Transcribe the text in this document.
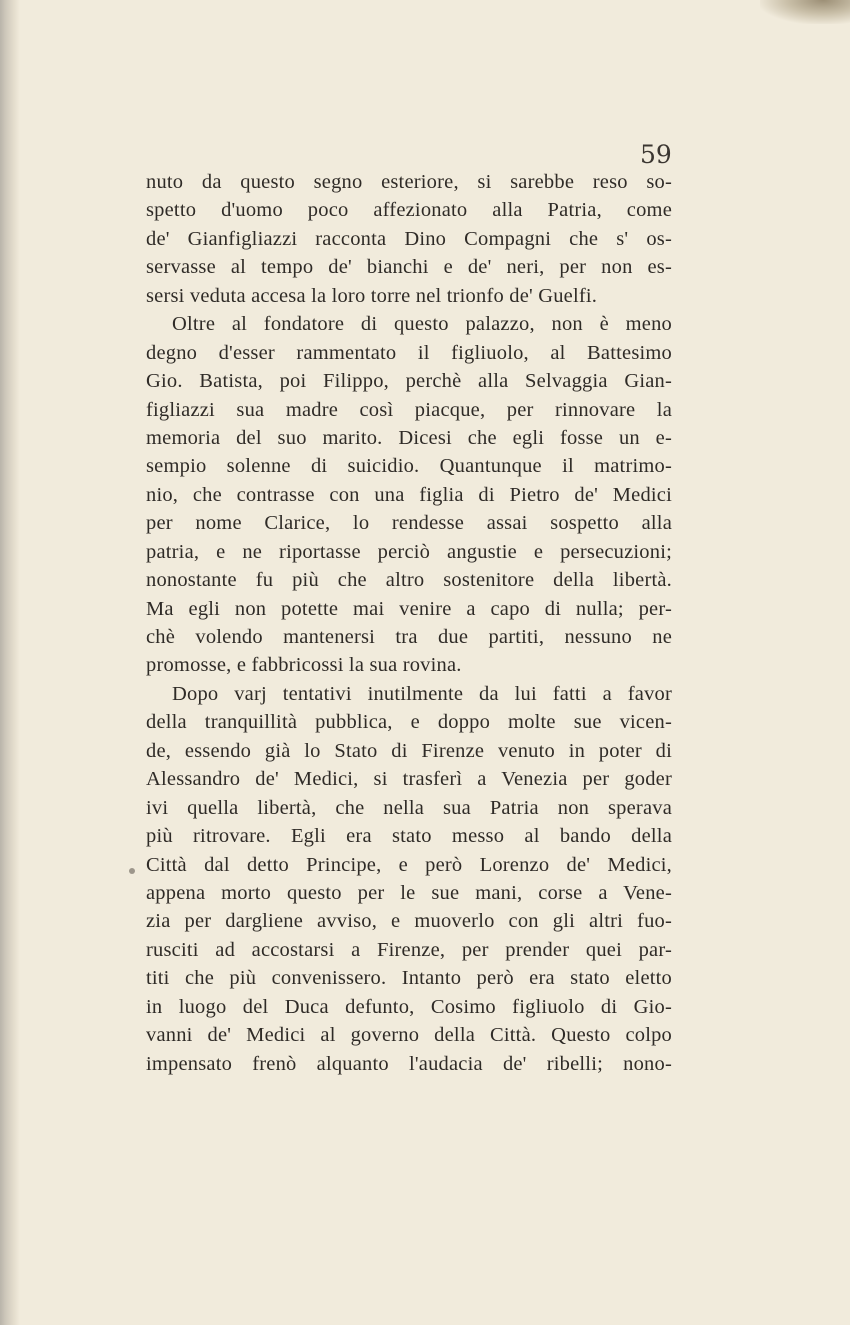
59
nuto da questo segno esteriore, si sarebbe reso so-
spetto d'uomo poco affezionato alla Patria, come
de' Gianfigliazzi racconta Dino Compagni che s' os-
servasse al tempo de' bianchi e de' neri, per non es-
sersi veduta accesa la loro torre nel trionfo de' Guelfi.
Oltre al fondatore di questo palazzo, non è meno
degno d'esser rammentato il figliuolo, al Battesimo
Gio. Batista, poi Filippo, perchè alla Selvaggia Gian-
figliazzi sua madre così piacque, per rinnovare la
memoria del suo marito. Dicesi che egli fosse un e-
sempio solenne di suicidio. Quantunque il matrimo-
nio, che contrasse con una figlia di Pietro de' Medici
per nome Clarice, lo rendesse assai sospetto alla
patria, e ne riportasse perciò angustie e persecuzioni;
nonostante fu più che altro sostenitore della libertà.
Ma egli non potette mai venire a capo di nulla; per-
chè volendo mantenersi tra due partiti, nessuno ne
promosse, e fabbricossi la sua rovina.
Dopo varj tentativi inutilmente da lui fatti a favor
della tranquillità pubblica, e doppo molte sue vicen-
de, essendo già lo Stato di Firenze venuto in poter di
Alessandro de' Medici, si trasferì a Venezia per goder
ivi quella libertà, che nella sua Patria non sperava
più ritrovare. Egli era stato messo al bando della
Città dal detto Principe, e però Lorenzo de' Medici,
appena morto questo per le sue mani, corse a Vene-
zia per dargliene avviso, e muoverlo con gli altri fuo-
rusciti ad accostarsi a Firenze, per prender quei par-
titi che più convenissero. Intanto però era stato eletto
in luogo del Duca defunto, Cosimo figliuolo di Gio-
vanni de' Medici al governo della Città. Questo colpo
impensato frenò alquanto l'audacia de' ribelli; nono-
